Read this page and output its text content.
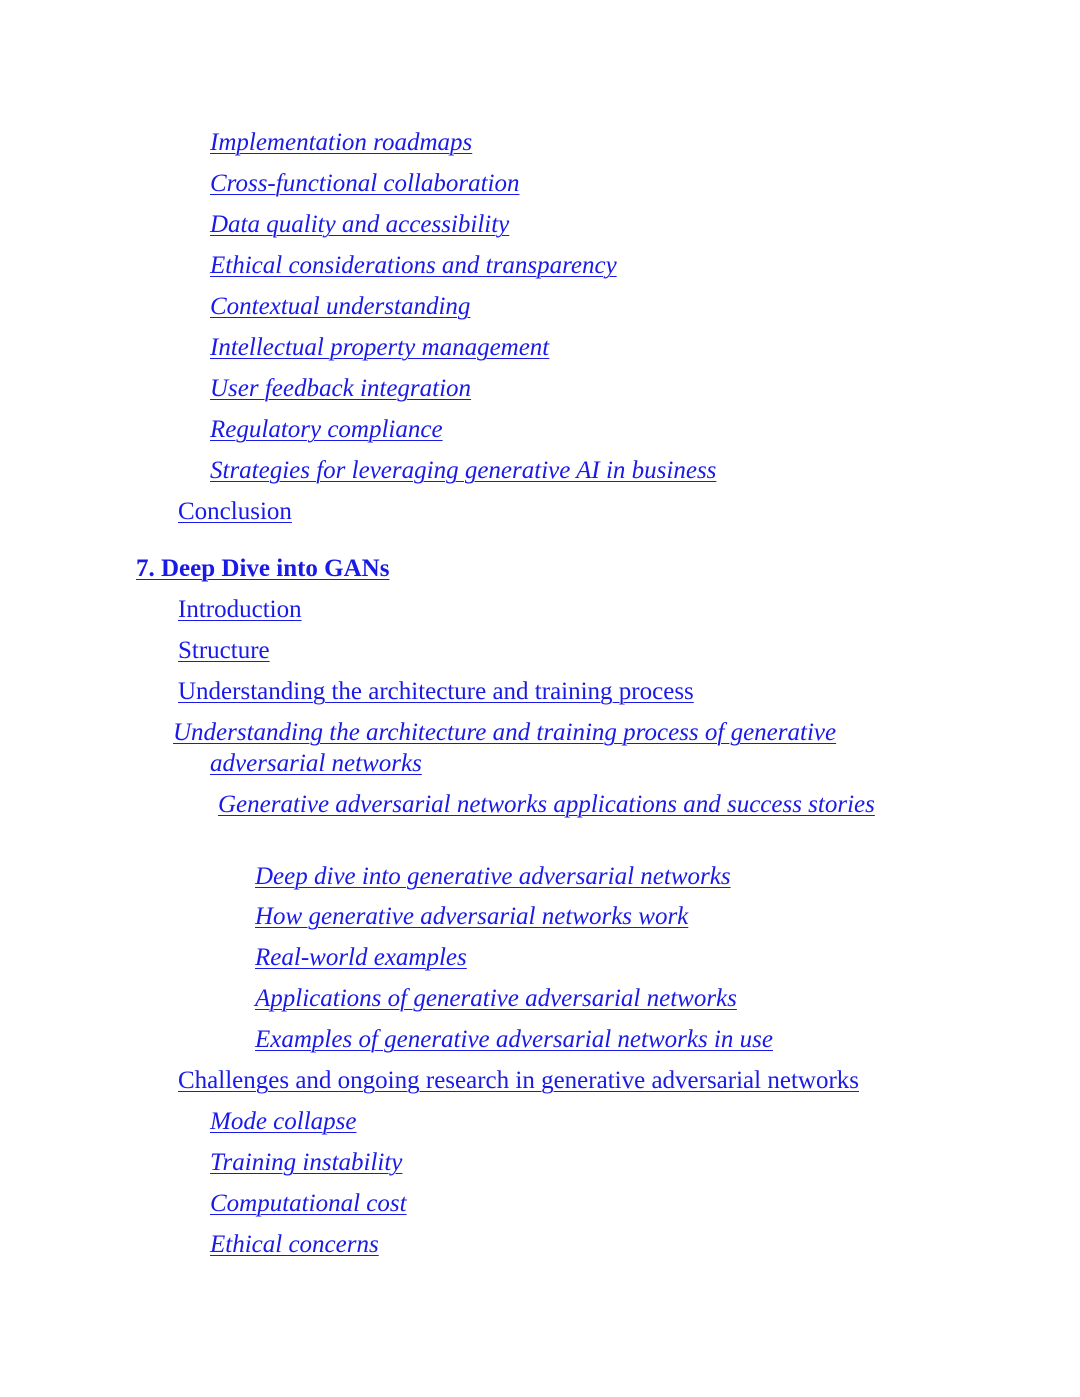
Implementation roadmaps
Cross-functional collaboration
Data quality and accessibility
Ethical considerations and transparency
Contextual understanding
Intellectual property management
User feedback integration
Regulatory compliance
Strategies for leveraging generative AI in business
Conclusion
7. Deep Dive into GANs
Introduction
Structure
Understanding the architecture and training process
Understanding the architecture and training process of generative adversarial networks
Generative adversarial networks applications and success stories
Deep dive into generative adversarial networks
How generative adversarial networks work
Real-world examples
Applications of generative adversarial networks
Examples of generative adversarial networks in use
Challenges and ongoing research in generative adversarial networks
Mode collapse
Training instability
Computational cost
Ethical concerns
